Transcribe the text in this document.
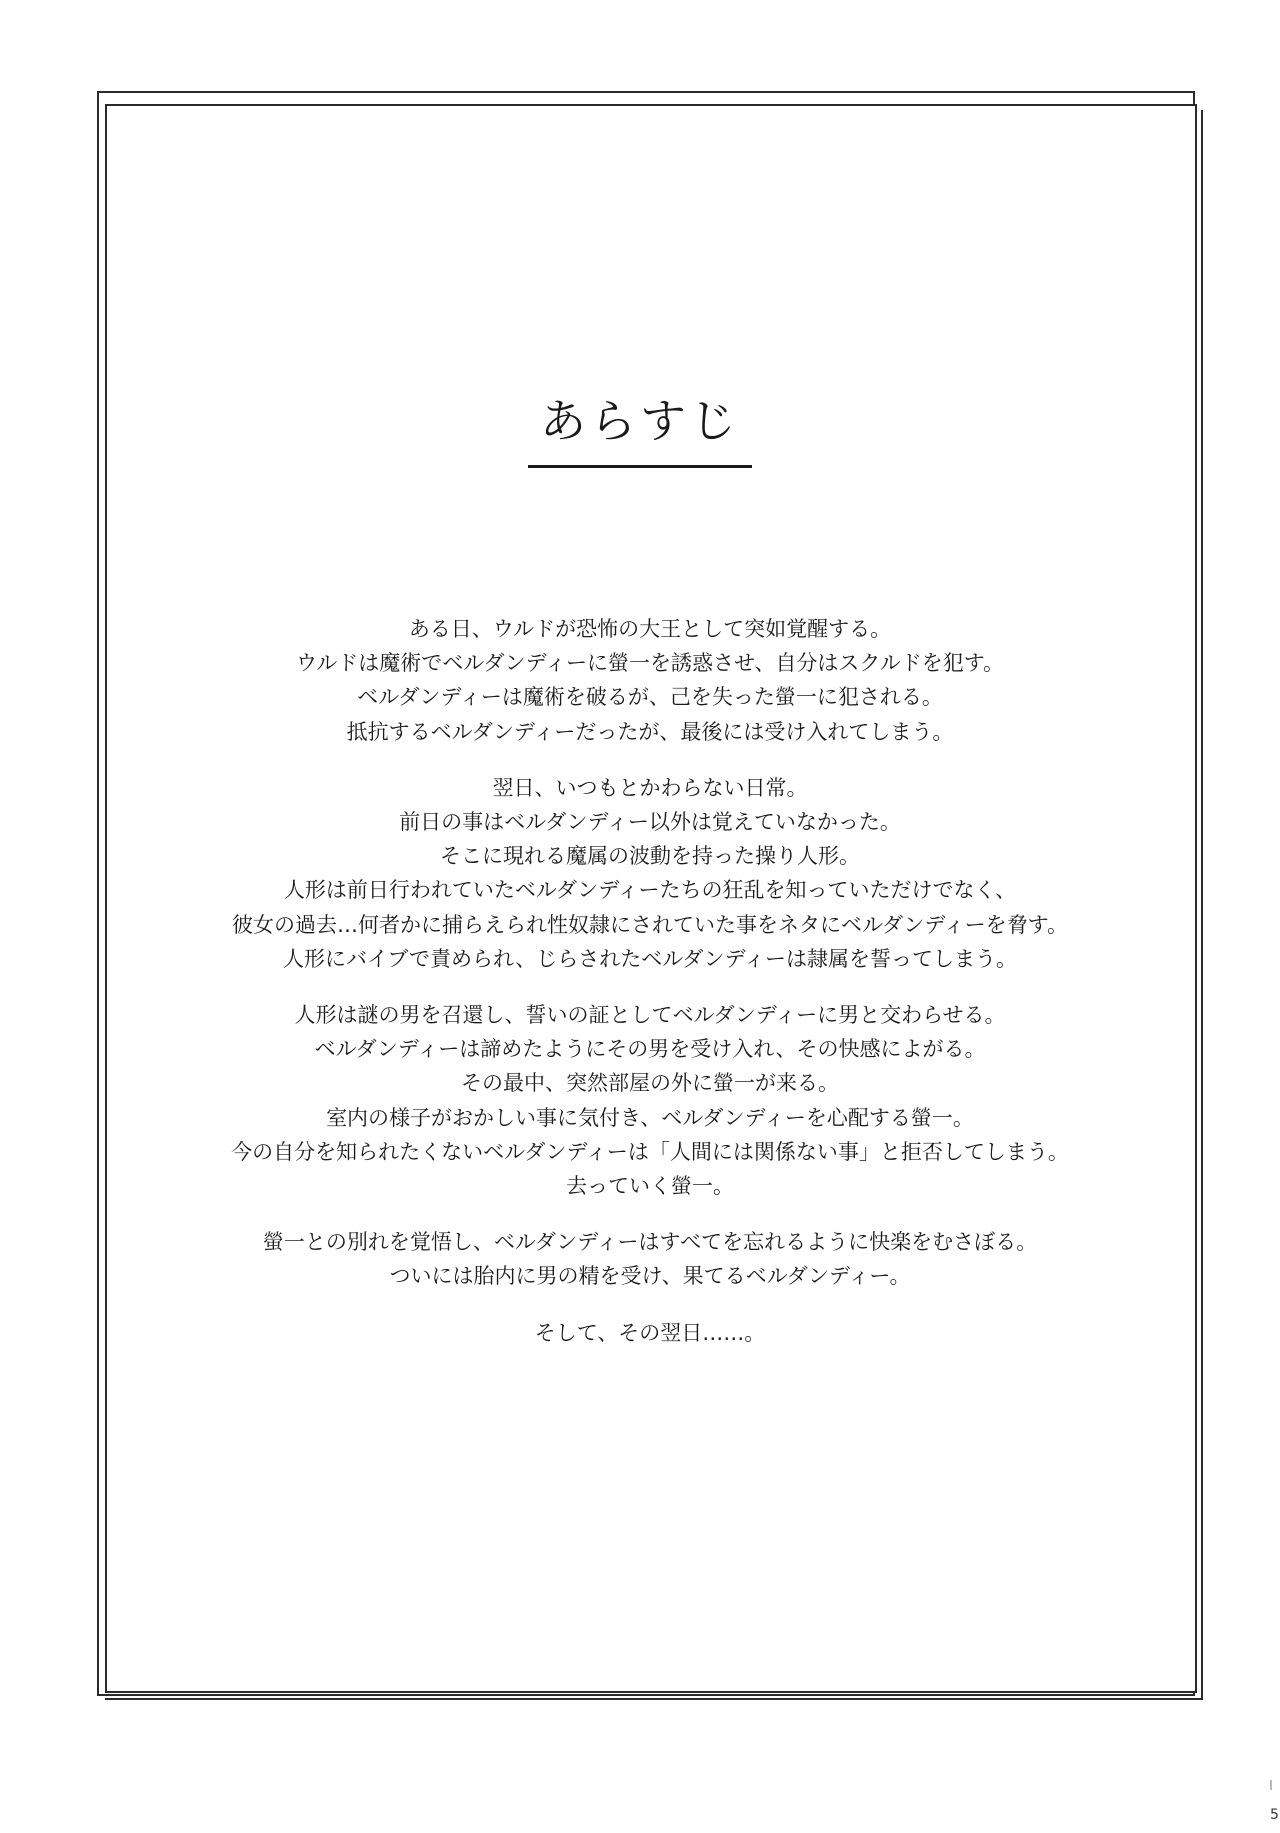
あらすじ
ある日、ウルドが恐怖の大王として突如覚醒する。
ウルドは魔術でベルダンディーに螢一を誘惑させ、自分はスクルドを犯す。
ベルダンディーは魔術を破るが、己を失った螢一に犯される。
抵抗するベルダンディーだったが、最後には受け入れてしまう。
翌日、いつもとかわらない日常。
前日の事はベルダンディー以外は覚えていなかった。
そこに現れる魔属の波動を持った操り人形。
人形は前日行われていたベルダンディーたちの狂乱を知っていただけでなく、
彼女の過去…何者かに捕らえられ性奴隷にされていた事をネタにベルダンディーを脅す。
人形にバイブで責められ、じらされたベルダンディーは隷属を誓ってしまう。
人形は謎の男を召還し、誓いの証としてベルダンディーに男と交わらせる。
ベルダンディーは諦めたようにその男を受け入れ、その快感によがる。
その最中、突然部屋の外に螢一が来る。
室内の様子がおかしい事に気付き、ベルダンディーを心配する螢一。
今の自分を知られたくないベルダンディーは「人間には関係ない事」と拒否してしまう。
去っていく螢一。
螢一との別れを覚悟し、ベルダンディーはすべてを忘れるように快楽をむさぼる。
ついには胎内に男の精を受け、果てるベルダンディー。
そして、その翌日……。
5
